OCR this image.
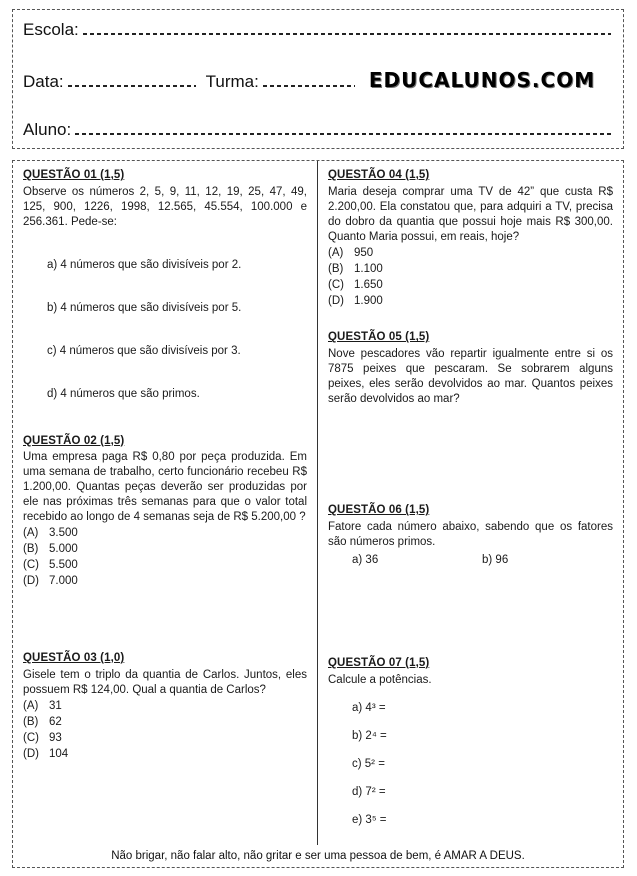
Escola:
Data:	Turma:	EDUCALUNOS.COM
Aluno:
QUESTÃO 01 (1,5)
Observe os números 2, 5, 9, 11, 12, 19, 25, 47, 49, 125, 900, 1226, 1998, 12.565, 45.554, 100.000 e 256.361. Pede-se:
a) 4 números que são divisíveis por 2.
b) 4 números que são divisíveis por 5.
c) 4 números que são divisíveis por 3.
d) 4 números que são primos.
QUESTÃO 02 (1,5)
Uma empresa paga R$ 0,80 por peça produzida. Em uma semana de trabalho, certo funcionário recebeu R$ 1.200,00. Quantas peças deverão ser produzidas por ele nas próximas três semanas para que o valor total recebido ao longo de 4 semanas seja de R$ 5.200,00 ?
(A) 3.500
(B) 5.000
(C) 5.500
(D) 7.000
QUESTÃO 03 (1,0)
Gisele tem o triplo da quantia de Carlos. Juntos, eles possuem R$ 124,00. Qual a quantia de Carlos?
(A) 31
(B) 62
(C) 93
(D) 104
QUESTÃO 04 (1,5)
Maria deseja comprar uma TV de 42” que custa R$ 2.200,00. Ela constatou que, para adquiri a TV, precisa do dobro da quantia que possui hoje mais R$ 300,00. Quanto Maria possui, em reais, hoje?
(A) 950
(B) 1.100
(C) 1.650
(D) 1.900
QUESTÃO 05 (1,5)
Nove pescadores vão repartir igualmente entre si os 7875 peixes que pescaram. Se sobrarem alguns peixes, eles serão devolvidos ao mar. Quantos peixes serão devolvidos ao mar?
QUESTÃO 06 (1,5)
Fatore cada número abaixo, sabendo que os fatores são números primos.
a) 36	b) 96
QUESTÃO 07 (1,5)
Calcule a potências.
a) 4³ =
b) 2⁴ =
c) 5² =
d) 7² =
e) 3⁵ =
Não brigar, não falar alto, não gritar e ser uma pessoa de bem, é AMAR A DEUS.
